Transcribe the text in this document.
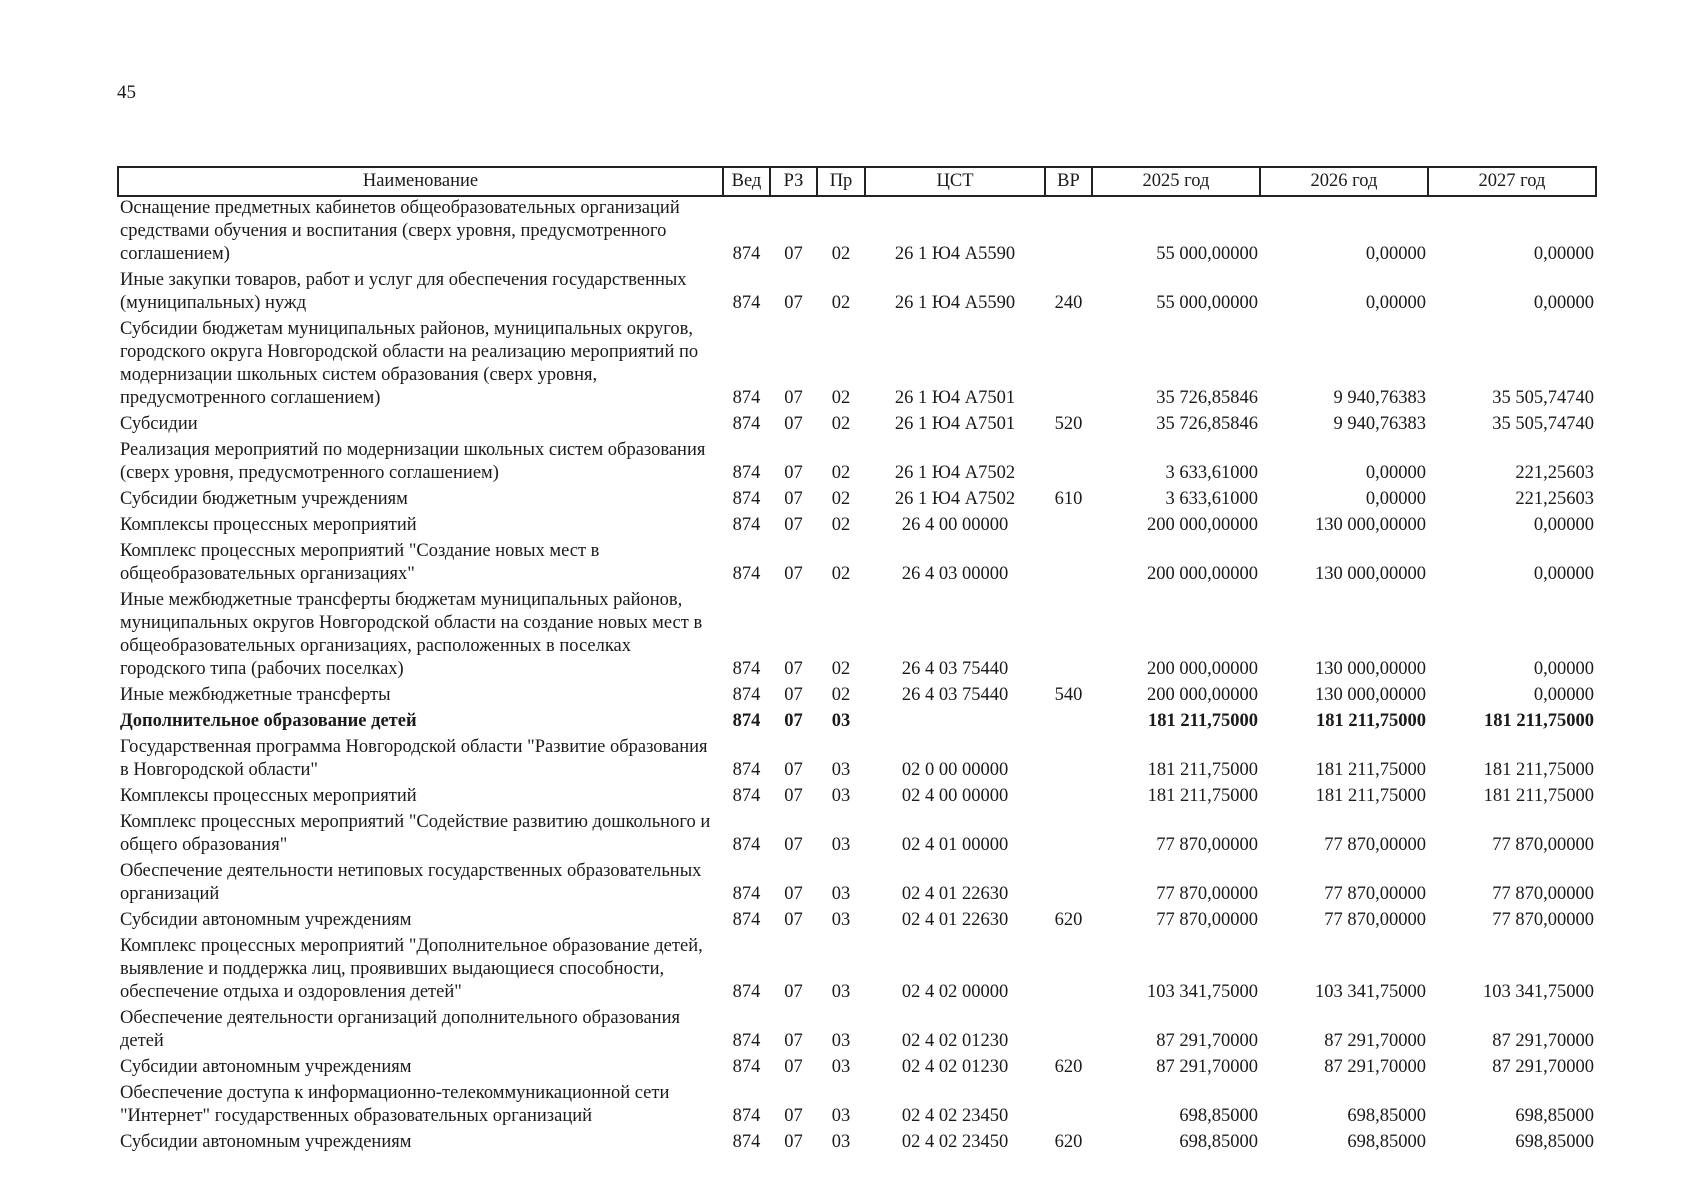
45
Наименование	Вед	РЗ	Пр	ЦСТ	ВР	2025 год	2026 год	2027 год
Оснащение предметных кабинетов общеобразовательных организаций средствами обучения и воспитания (сверх уровня, предусмотренного соглашением)	874	07	02	26 1 Ю4 А5590		55 000,00000	0,00000	0,00000
Иные закупки товаров, работ и услуг для обеспечения государственных (муниципальных) нужд	874	07	02	26 1 Ю4 А5590	240	55 000,00000	0,00000	0,00000
Субсидии бюджетам муниципальных районов, муниципальных округов, городского округа Новгородской области на реализацию мероприятий по модернизации школьных систем образования (сверх уровня, предусмотренного соглашением)	874	07	02	26 1 Ю4 А7501		35 726,85846	9 940,76383	35 505,74740
Субсидии	874	07	02	26 1 Ю4 А7501	520	35 726,85846	9 940,76383	35 505,74740
Реализация мероприятий по модернизации школьных систем образования (сверх уровня, предусмотренного соглашением)	874	07	02	26 1 Ю4 А7502		3 633,61000	0,00000	221,25603
Субсидии бюджетным учреждениям	874	07	02	26 1 Ю4 А7502	610	3 633,61000	0,00000	221,25603
Комплексы процессных мероприятий	874	07	02	26 4 00 00000		200 000,00000	130 000,00000	0,00000
Комплекс процессных мероприятий "Создание новых мест в общеобразовательных организациях"	874	07	02	26 4 03 00000		200 000,00000	130 000,00000	0,00000
Иные межбюджетные трансферты бюджетам муниципальных районов, муниципальных округов Новгородской области на создание новых мест в общеобразовательных организациях, расположенных в поселках городского типа (рабочих поселках)	874	07	02	26 4 03 75440		200 000,00000	130 000,00000	0,00000
Иные межбюджетные трансферты	874	07	02	26 4 03 75440	540	200 000,00000	130 000,00000	0,00000
Дополнительное образование детей	874	07	03			181 211,75000	181 211,75000	181 211,75000
Государственная программа Новгородской области "Развитие образования в Новгородской области"	874	07	03	02 0 00 00000		181 211,75000	181 211,75000	181 211,75000
Комплексы процессных мероприятий	874	07	03	02 4 00 00000		181 211,75000	181 211,75000	181 211,75000
Комплекс процессных мероприятий "Содействие развитию дошкольного и общего образования"	874	07	03	02 4 01 00000		77 870,00000	77 870,00000	77 870,00000
Обеспечение деятельности нетиповых государственных образовательных организаций	874	07	03	02 4 01 22630		77 870,00000	77 870,00000	77 870,00000
Субсидии автономным учреждениям	874	07	03	02 4 01 22630	620	77 870,00000	77 870,00000	77 870,00000
Комплекс процессных мероприятий "Дополнительное образование детей, выявление и поддержка лиц, проявивших выдающиеся способности, обеспечение отдыха и оздоровления детей"	874	07	03	02 4 02 00000		103 341,75000	103 341,75000	103 341,75000
Обеспечение деятельности организаций дополнительного образования детей	874	07	03	02 4 02 01230		87 291,70000	87 291,70000	87 291,70000
Субсидии автономным учреждениям	874	07	03	02 4 02 01230	620	87 291,70000	87 291,70000	87 291,70000
Обеспечение доступа к информационно-телекоммуникационной сети "Интернет" государственных образовательных организаций	874	07	03	02 4 02 23450		698,85000	698,85000	698,85000
Субсидии автономным учреждениям	874	07	03	02 4 02 23450	620	698,85000	698,85000	698,85000
